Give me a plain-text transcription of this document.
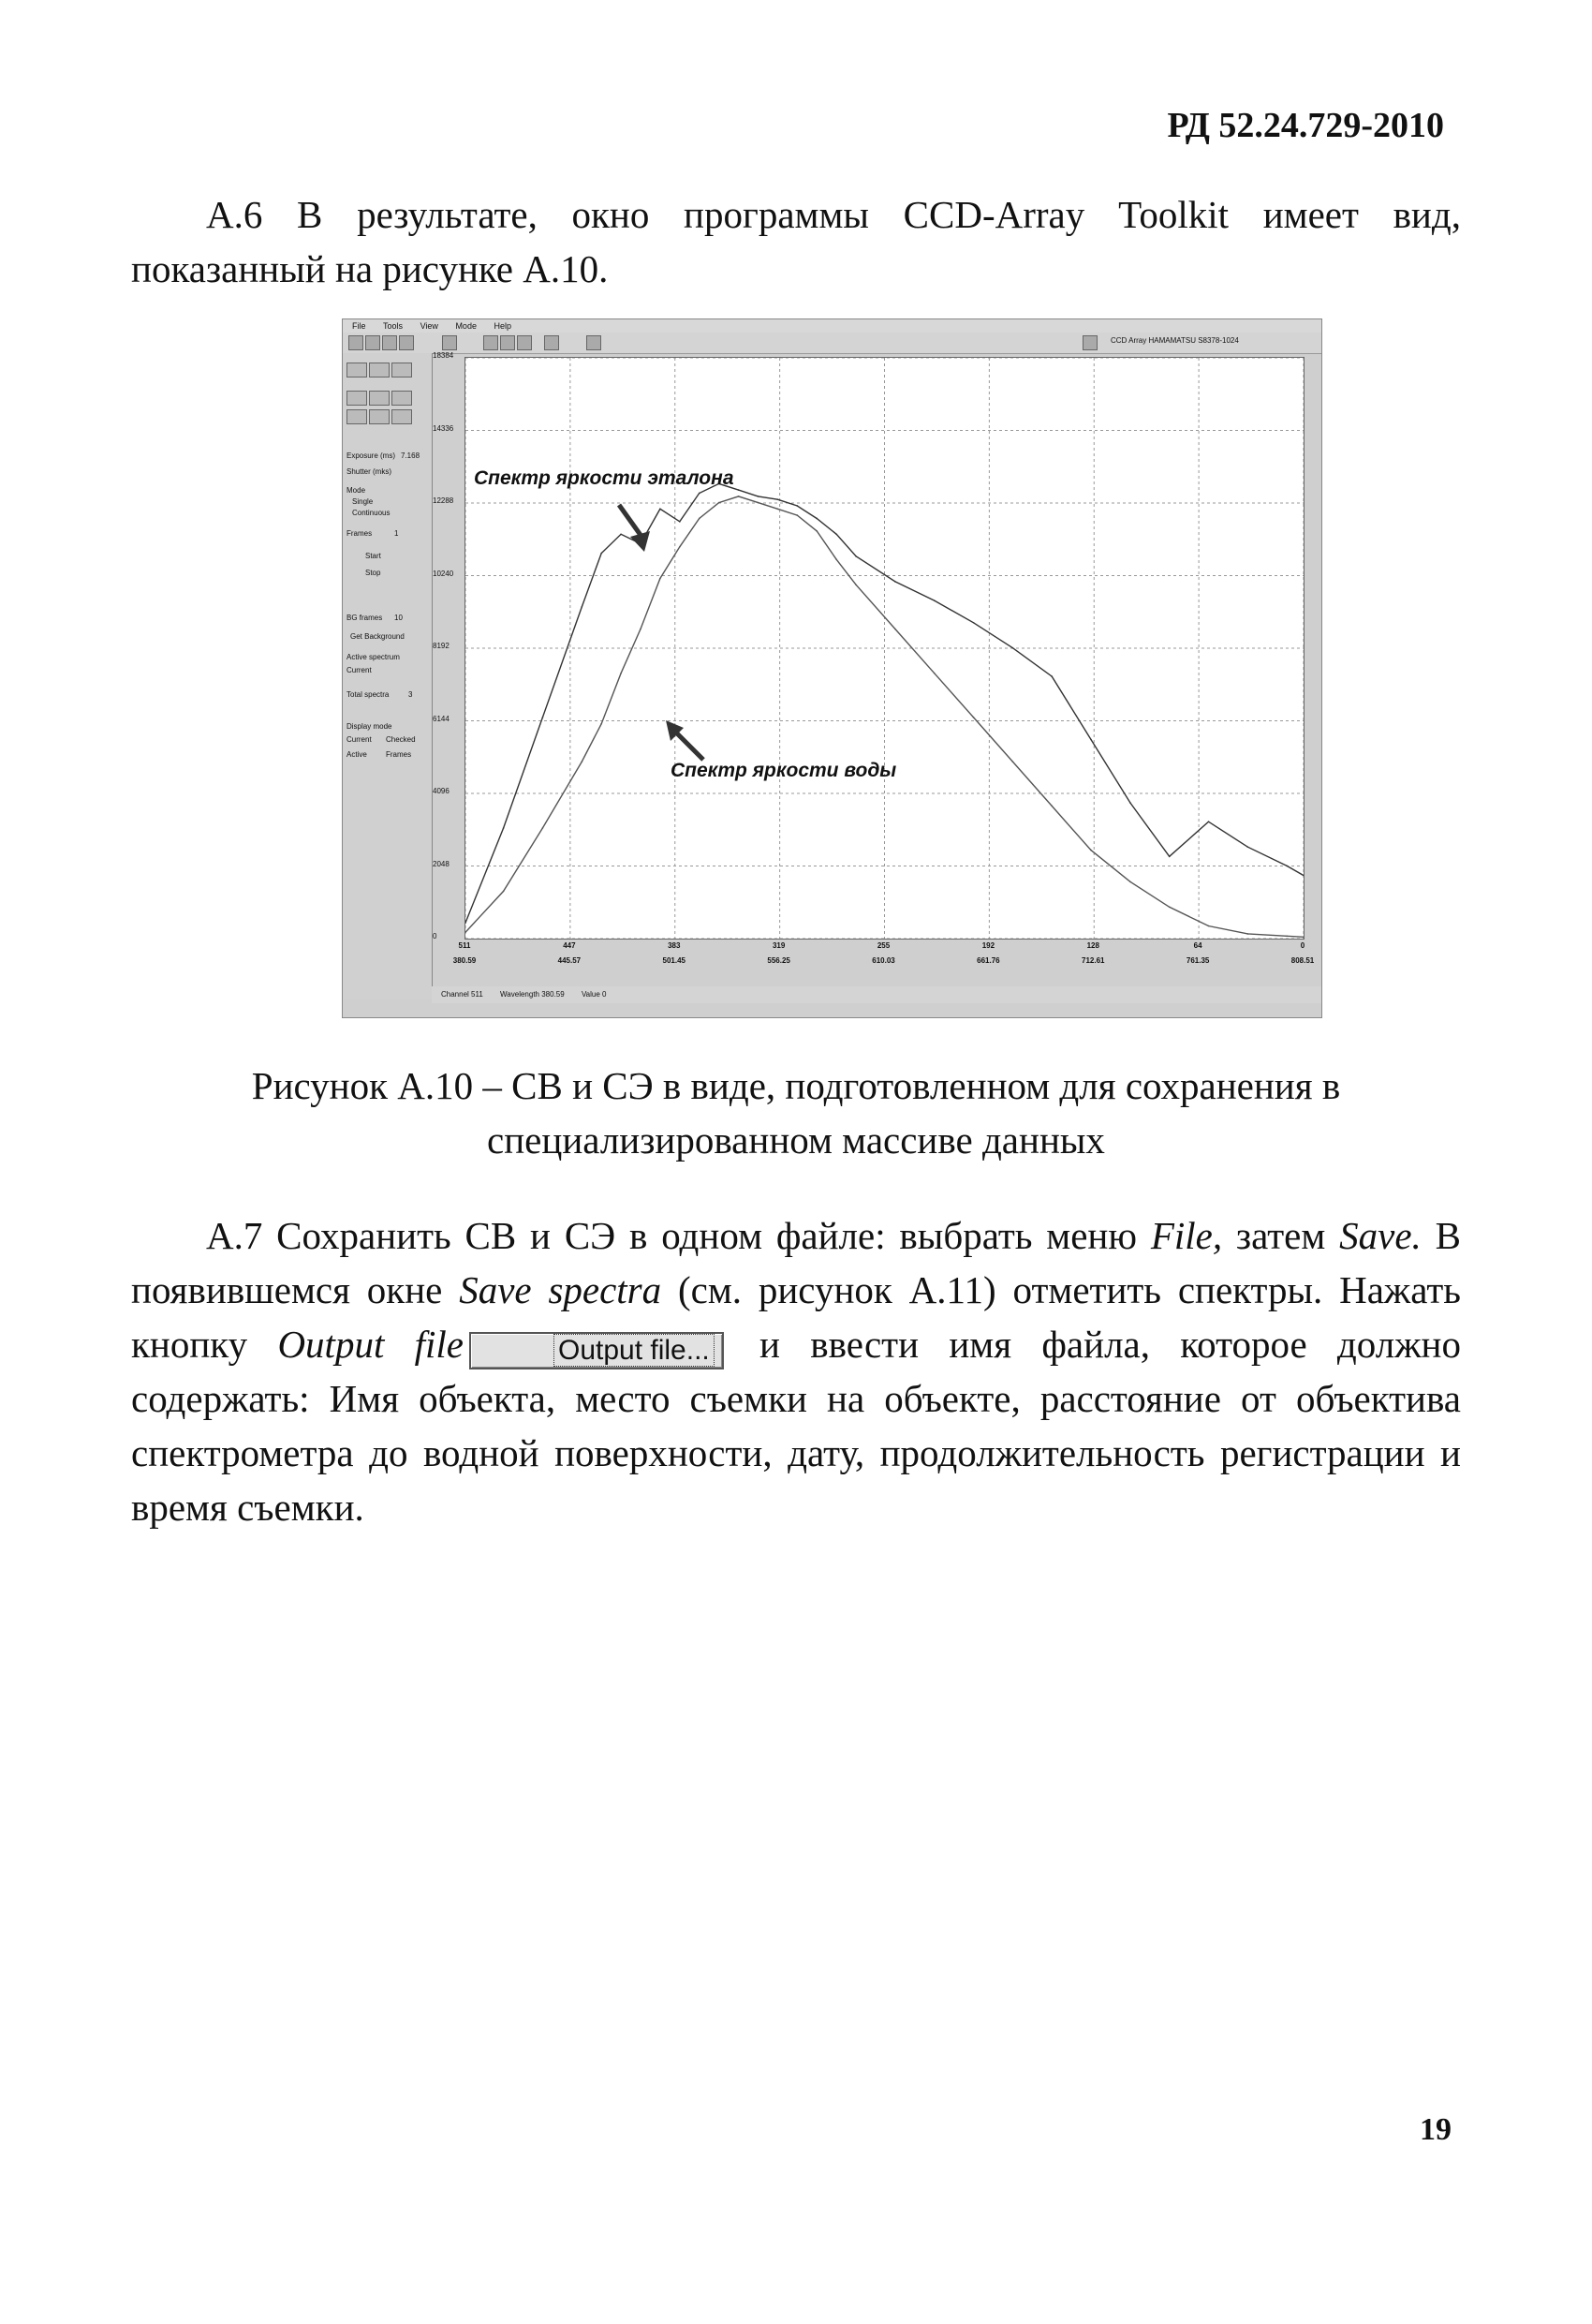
РД 52.24.729-2010
А.6 В результате, окно программы CCD-Array Toolkit имеет вид, показанный на рисунке А.10.
File Tools View Mode Help
CCD Array HAMAMATSU S8378-1024
Exposure (ms) 7.168
Shutter (mks)
Mode
Single
Continuous
Frames	1
Start
Stop
BG frames 10
Get Background
Active spectrum
Current
Total spectra	3
Display mode
Current Checked
Active	Frames
18384
14336
12288
10240
8192
6144
4096
2048
0
511
380.59
447
445.57
383
501.45
319
556.25
255
610.03
192
661.76
128
712.61
64
761.35
0
808.51
Спектр яркости эталона
Спектр яркости воды
Channel 511 Wavelength 380.59 Value 0
Рисунок А.10 – СВ и СЭ в виде, подготовленном для сохранения в
специализированном массиве данных
А.7 Сохранить СВ и СЭ в одном файле: выбрать меню File, затем Save. В появившемся окне Save spectra (см. рисунок А.11) отметить спектры. Нажать кнопку Output file	Output file... и ввести имя файла, которое должно содержать: Имя объекта, место съемки на объекте, расстояние от объектива спектрометра до водной поверхности, дату, продолжительность регистрации и время съемки.
19
